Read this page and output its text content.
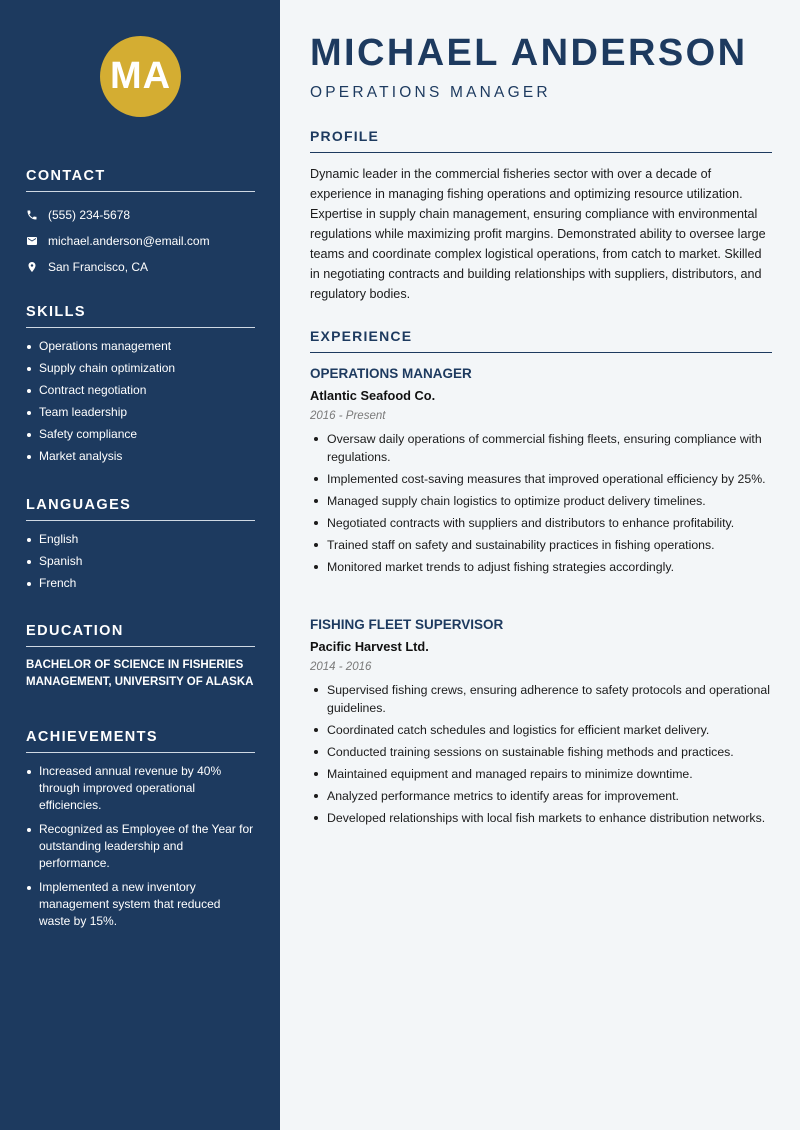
MA
CONTACT
(555) 234-5678
michael.anderson@email.com
San Francisco, CA
SKILLS
Operations management
Supply chain optimization
Contract negotiation
Team leadership
Safety compliance
Market analysis
LANGUAGES
English
Spanish
French
EDUCATION
BACHELOR OF SCIENCE IN FISHERIES MANAGEMENT, UNIVERSITY OF ALASKA
ACHIEVEMENTS
Increased annual revenue by 40% through improved operational efficiencies.
Recognized as Employee of the Year for outstanding leadership and performance.
Implemented a new inventory management system that reduced waste by 15%.
MICHAEL ANDERSON
OPERATIONS MANAGER
PROFILE
Dynamic leader in the commercial fisheries sector with over a decade of experience in managing fishing operations and optimizing resource utilization. Expertise in supply chain management, ensuring compliance with environmental regulations while maximizing profit margins. Demonstrated ability to oversee large teams and coordinate complex logistical operations, from catch to market. Skilled in negotiating contracts and building relationships with suppliers, distributors, and regulatory bodies.
EXPERIENCE
OPERATIONS MANAGER
Atlantic Seafood Co.
2016 - Present
Oversaw daily operations of commercial fishing fleets, ensuring compliance with regulations.
Implemented cost-saving measures that improved operational efficiency by 25%.
Managed supply chain logistics to optimize product delivery timelines.
Negotiated contracts with suppliers and distributors to enhance profitability.
Trained staff on safety and sustainability practices in fishing operations.
Monitored market trends to adjust fishing strategies accordingly.
FISHING FLEET SUPERVISOR
Pacific Harvest Ltd.
2014 - 2016
Supervised fishing crews, ensuring adherence to safety protocols and operational guidelines.
Coordinated catch schedules and logistics for efficient market delivery.
Conducted training sessions on sustainable fishing methods and practices.
Maintained equipment and managed repairs to minimize downtime.
Analyzed performance metrics to identify areas for improvement.
Developed relationships with local fish markets to enhance distribution networks.
